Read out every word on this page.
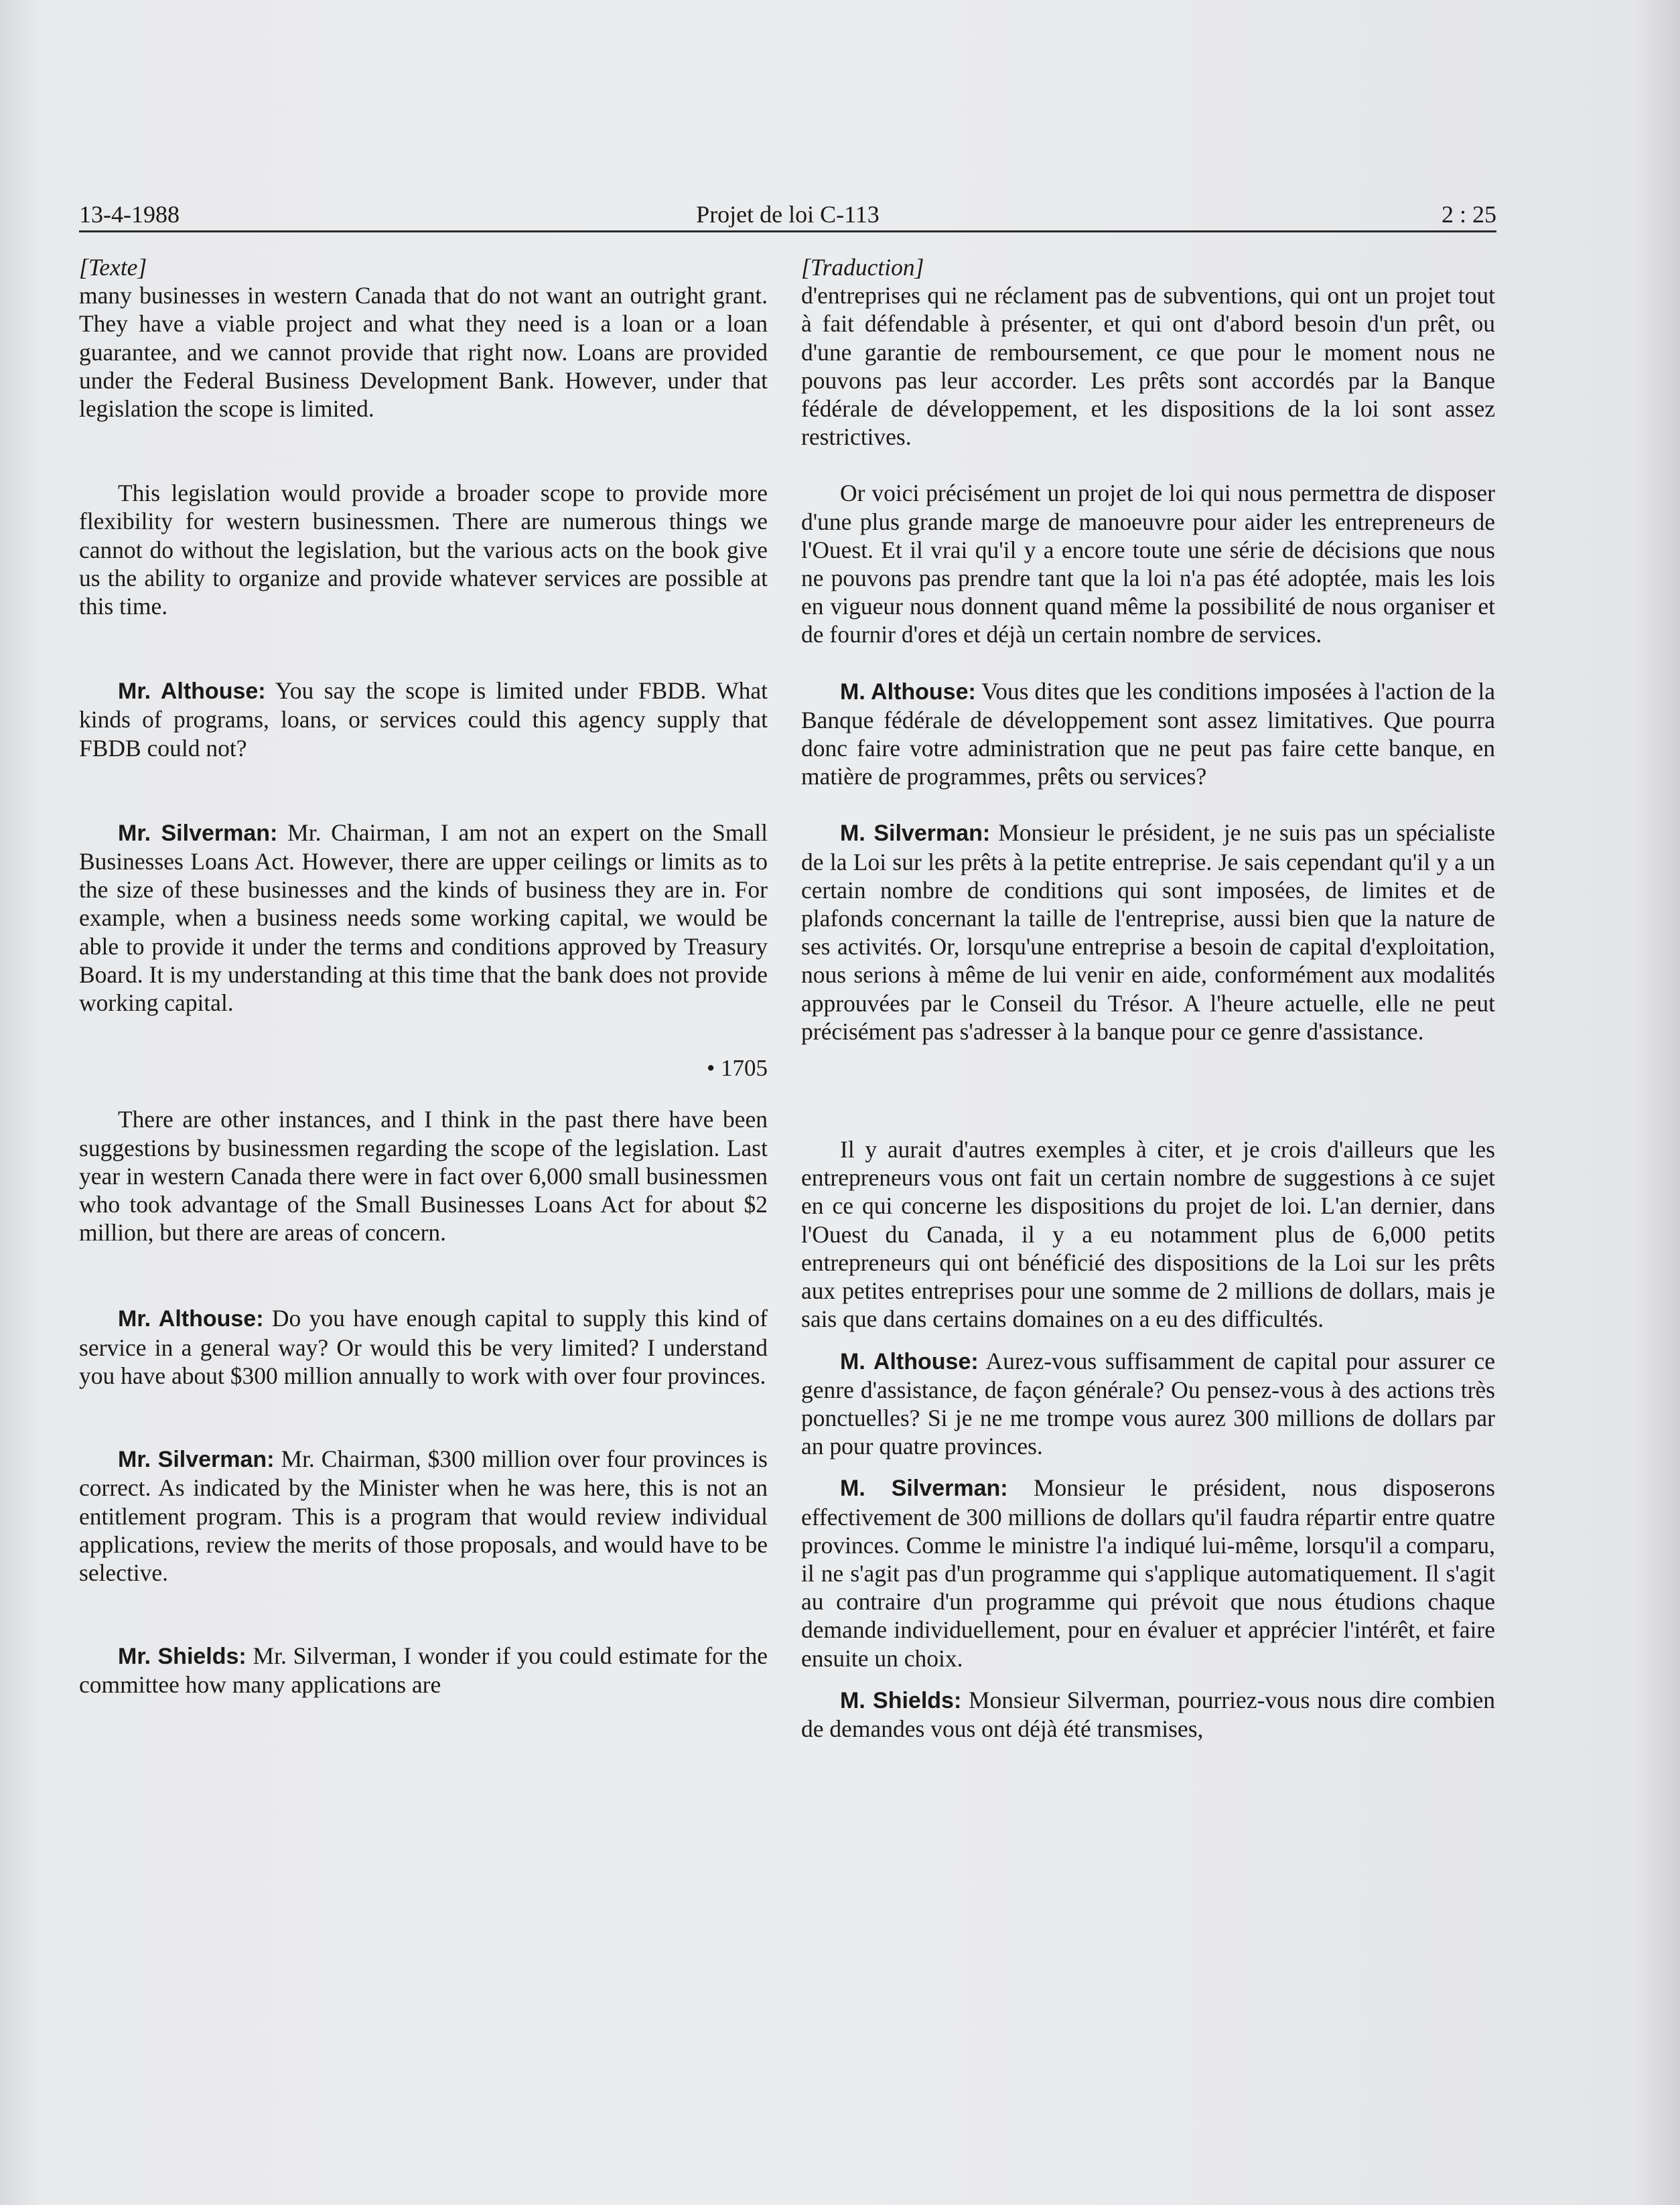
13-4-1988	Projet de loi C-113	2 : 25

[Texte]

many businesses in western Canada that do not want an outright grant. They have a viable project and what they need is a loan or a loan guarantee, and we cannot provide that right now. Loans are provided under the Federal Business Development Bank. However, under that legislation the scope is limited.

This legislation would provide a broader scope to provide more flexibility for western businessmen. There are numerous things we cannot do without the legislation, but the various acts on the book give us the ability to organize and provide whatever services are possible at this time.

Mr. Althouse: You say the scope is limited under FBDB. What kinds of programs, loans, or services could this agency supply that FBDB could not?

Mr. Silverman: Mr. Chairman, I am not an expert on the Small Businesses Loans Act. However, there are upper ceilings or limits as to the size of these businesses and the kinds of business they are in. For example, when a business needs some working capital, we would be able to provide it under the terms and conditions approved by Treasury Board. It is my understanding at this time that the bank does not provide working capital.

• 1705

There are other instances, and I think in the past there have been suggestions by businessmen regarding the scope of the legislation. Last year in western Canada there were in fact over 6,000 small businessmen who took advantage of the Small Businesses Loans Act for about $2 million, but there are areas of concern.

Mr. Althouse: Do you have enough capital to supply this kind of service in a general way? Or would this be very limited? I understand you have about $300 million annually to work with over four provinces.

Mr. Silverman: Mr. Chairman, $300 million over four provinces is correct. As indicated by the Minister when he was here, this is not an entitlement program. This is a program that would review individual applications, review the merits of those proposals, and would have to be selective.

Mr. Shields: Mr. Silverman, I wonder if you could estimate for the committee how many applications are

[Traduction]

d'entreprises qui ne réclament pas de subventions, qui ont un projet tout à fait défendable à présenter, et qui ont d'abord besoin d'un prêt, ou d'une garantie de remboursement, ce que pour le moment nous ne pouvons pas leur accorder. Les prêts sont accordés par la Banque fédérale de développement, et les dispositions de la loi sont assez restrictives.

Or voici précisément un projet de loi qui nous permettra de disposer d'une plus grande marge de manoeuvre pour aider les entrepreneurs de l'Ouest. Et il vrai qu'il y a encore toute une série de décisions que nous ne pouvons pas prendre tant que la loi n'a pas été adoptée, mais les lois en vigueur nous donnent quand même la possibilité de nous organiser et de fournir d'ores et déjà un certain nombre de services.

M. Althouse: Vous dites que les conditions imposées à l'action de la Banque fédérale de développement sont assez limitatives. Que pourra donc faire votre administration que ne peut pas faire cette banque, en matière de programmes, prêts ou services?

M. Silverman: Monsieur le président, je ne suis pas un spécialiste de la Loi sur les prêts à la petite entreprise. Je sais cependant qu'il y a un certain nombre de conditions qui sont imposées, de limites et de plafonds concernant la taille de l'entreprise, aussi bien que la nature de ses activités. Or, lorsqu'une entreprise a besoin de capital d'exploitation, nous serions à même de lui venir en aide, conformément aux modalités approuvées par le Conseil du Trésor. A l'heure actuelle, elle ne peut précisément pas s'adresser à la banque pour ce genre d'assistance.

Il y aurait d'autres exemples à citer, et je crois d'ailleurs que les entrepreneurs vous ont fait un certain nombre de suggestions à ce sujet en ce qui concerne les dispositions du projet de loi. L'an dernier, dans l'Ouest du Canada, il y a eu notamment plus de 6,000 petits entrepreneurs qui ont bénéficié des dispositions de la Loi sur les prêts aux petites entreprises pour une somme de 2 millions de dollars, mais je sais que dans certains domaines on a eu des difficultés.

M. Althouse: Aurez-vous suffisamment de capital pour assurer ce genre d'assistance, de façon générale? Ou pensez-vous à des actions très ponctuelles? Si je ne me trompe vous aurez 300 millions de dollars par an pour quatre provinces.

M. Silverman: Monsieur le président, nous disposerons effectivement de 300 millions de dollars qu'il faudra répartir entre quatre provinces. Comme le ministre l'a indiqué lui-même, lorsqu'il a comparu, il ne s'agit pas d'un programme qui s'applique automatiquement. Il s'agit au contraire d'un programme qui prévoit que nous étudions chaque demande individuellement, pour en évaluer et apprécier l'intérêt, et faire ensuite un choix.

M. Shields: Monsieur Silverman, pourriez-vous nous dire combien de demandes vous ont déjà été transmises,
